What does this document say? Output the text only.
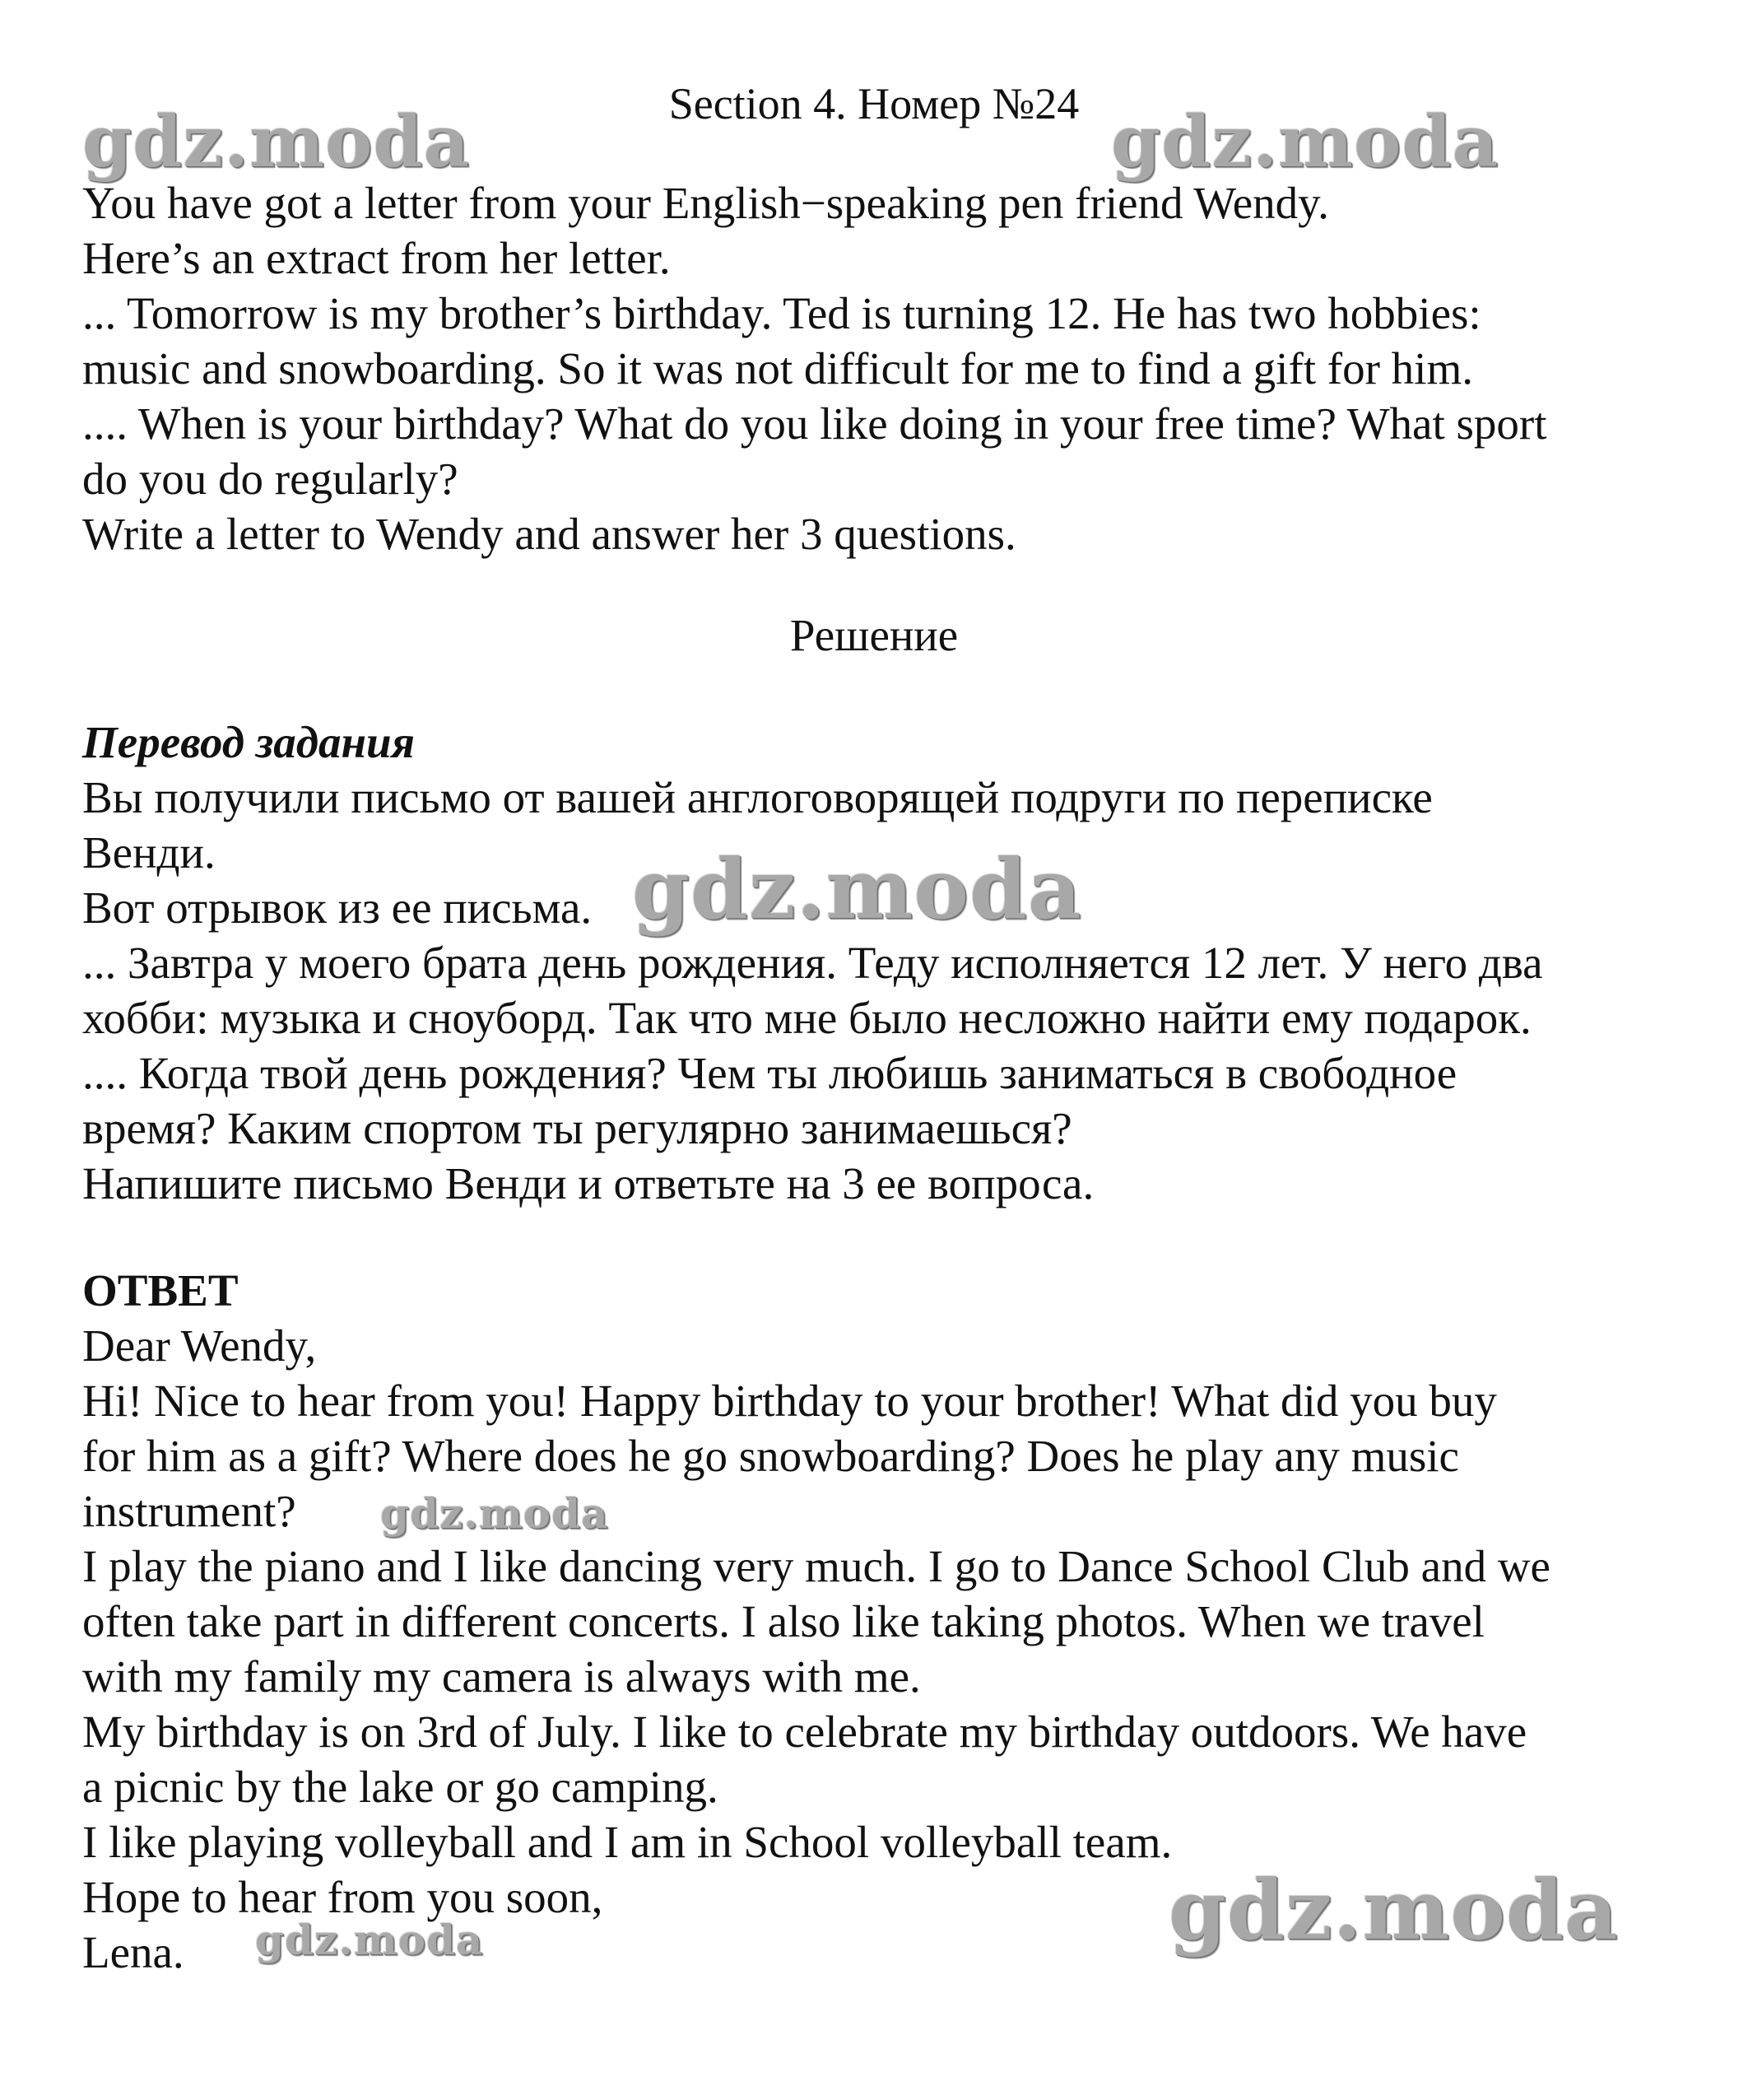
Section 4. Номер №24
You have got a letter from your English−speaking pen friend Wendy.
Here’s an extract from her letter.
... Tomorrow is my brother’s birthday. Ted is turning 12. He has two hobbies:
music and snowboarding. So it was not difficult for me to find a gift for him.
.... When is your birthday? What do you like doing in your free time? What sport
do you do regularly?
Write a letter to Wendy and answer her 3 questions.
Решение
Перевод задания
Вы получили письмо от вашей англоговорящей подруги по переписке
Венди.
Вот отрывок из ее письма.
... Завтра у моего брата день рождения. Теду исполняется 12 лет. У него два
хобби: музыка и сноуборд. Так что мне было несложно найти ему подарок.
.... Когда твой день рождения? Чем ты любишь заниматься в свободное
время? Каким спортом ты регулярно занимаешься?
Напишите письмо Венди и ответьте на 3 ее вопроса.
ОТВЕТ
Dear Wendy,
Hi! Nice to hear from you! Happy birthday to your brother! What did you buy
for him as a gift? Where does he go snowboarding? Does he play any music
instrument?
I play the piano and I like dancing very much. I go to Dance School Club and we
often take part in different concerts. I also like taking photos. When we travel
with my family my camera is always with me.
My birthday is on 3rd of July. I like to celebrate my birthday outdoors. We have
a picnic by the lake or go camping.
I like playing volleyball and I am in School volleyball team.
Hope to hear from you soon,
Lena.
gdz.moda	gdz.moda
gdz.moda
gdz.moda
gdz.moda
gdz.moda
